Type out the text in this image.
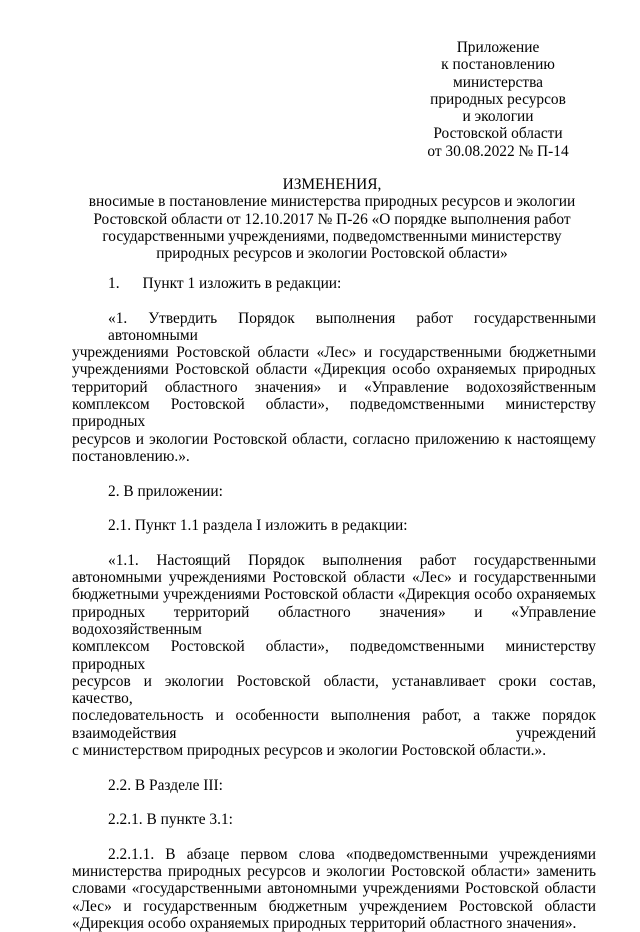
Приложение
к постановлению
министерства
природных ресурсов
и экологии
Ростовской области
от 30.08.2022 № П-14
ИЗМЕНЕНИЯ,
вносимые в постановление министерства природных ресурсов и экологии
Ростовской области от 12.10.2017 № П-26 «О порядке выполнения работ
государственными учреждениями, подведомственными министерству
природных ресурсов и экологии Ростовской области»

1. Пункт 1 изложить в редакции:

«1. Утвердить Порядок выполнения работ государственными автономными
учреждениями Ростовской области «Лес» и государственными бюджетными
учреждениями Ростовской области «Дирекция особо охраняемых природных
территорий областного значения» и «Управление водохозяйственным
комплексом Ростовской области», подведомственными министерству природных
ресурсов и экологии Ростовской области, согласно приложению к настоящему
постановлению.».

2. В приложении:

2.1. Пункт 1.1 раздела I изложить в редакции:

«1.1. Настоящий Порядок выполнения работ государственными
автономными учреждениями Ростовской области «Лес» и государственными
бюджетными учреждениями Ростовской области «Дирекция особо охраняемых
природных территорий областного значения» и «Управление водохозяйственным
комплексом Ростовской области», подведомственными министерству природных
ресурсов и экологии Ростовской области, устанавливает сроки состав, качество,
последовательность и особенности выполнения работ, а также порядок
взаимодействия учреждений
с министерством природных ресурсов и экологии Ростовской области.».

2.2. В Разделе III:

2.2.1. В пункте 3.1:

2.2.1.1. В абзаце первом слова «подведомственными учреждениями
министерства природных ресурсов и экологии Ростовской области» заменить
словами «государственными автономными учреждениями Ростовской области
«Лес» и государственным бюджетным учреждением Ростовской области
«Дирекция особо охраняемых природных территорий областного значения».
